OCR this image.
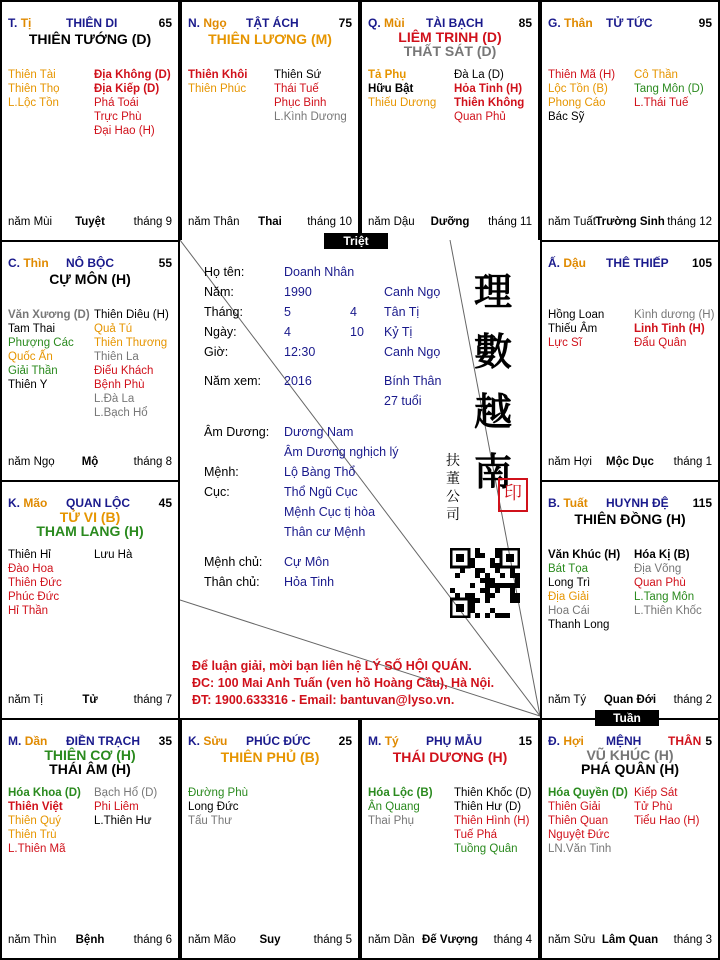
T. Tị	THIÊN DI	65
THIÊN TƯỚNG (D)
Thiên Tài
Thiên Thọ
L.Lộc Tồn
Địa Không (D)
Địa Kiếp (D)
Phá Toái
Trực Phù
Đại Hao (H)
năm Mùi	Tuyệt	tháng 9
N. Ngọ TẬT ÁCH	75
THIÊN LƯƠNG (M)
Thiên Khôi
Thiên Phúc
Thiên Sứ
Thái Tuế
Phục Binh
L.Kình Dương
năm Thân	Thai	tháng 10
Q. Mùi TÀI BẠCH	85
LIÊM TRINH (D)
THẤT SÁT (D)
Tả Phụ
Hữu Bật
Thiếu Dương
Đà La (D)
Hỏa Tinh (H)
Thiên Không
Quan Phủ
năm Dậu	Dưỡng	tháng 11
G. Thân TỬ TỨC	95
Thiên Mã (H)
Lộc Tồn (B)
Phong Cáo
Bác Sỹ
Cô Thần
Tang Môn (D)
L.Thái Tuế
năm Tuất Trường Sinh tháng 12
Ấ. Dậu THÊ THIẾP 105
Hồng Loan
Thiếu Âm
Lực Sĩ
Kình dương (H)
Linh Tinh (H)
Đẩu Quân
năm Hợi	Mộc Dục	tháng 1
B. Tuất HUYNH ĐỆ 115
THIÊN ĐỒNG (H)
Văn Khúc (H)
Bát Tọa
Long Trì
Địa Giải
Hoa Cái
Thanh Long
Hóa Kị (B)
Địa Võng
Quan Phù
L.Tang Môn
L.Thiên Khốc
năm Tý	Quan Đới	tháng 2
Đ. Hợi MỆNH THÂN 5
VŨ KHÚC (H)
PHÁ QUÂN (H)
Hóa Quyền (D)
Thiên Giải
Thiên Quan
Nguyệt Đức
LN.Văn Tinh
Kiếp Sát
Tử Phù
Tiểu Hao (H)
năm Sửu Lâm Quan	tháng 3
M. Tý PHỤ MẪU	15
THÁI DƯƠNG (H)
Hóa Lộc (B)
Ân Quang
Thai Phụ
Thiên Khốc (D)
Thiên Hư (D)
Thiên Hình (H)
Tuế Phá
Tuồng Quân
năm Dần Đế Vượng	tháng 4
K. Sửu PHÚC ĐỨC 25
THIÊN PHỦ (B)
Đường Phù
Long Đức
Tấu Thư
năm Mão	Suy	tháng 5
M. Dần ĐIỀN TRẠCH 35
THIÊN CƠ (H)
THÁI ÂM (H)
Hóa Khoa (D)
Thiên Việt
Thiên Quý
Thiên Trù
L.Thiên Mã
Bạch Hổ (D)
Phi Liêm
L.Thiên Hư
năm Thìn	Bệnh	tháng 6
K. Mão QUAN LỘC 45
TỬ VI (B)
THAM LANG (H)
Thiên Hỉ
Đào Hoa
Thiên Đức
Phúc Đức
Hỉ Thần
Lưu Hà
năm Tị	Tử	tháng 7
C. Thìn NÔ BỘC	55
CỰ MÔN (H)
Văn Xương (D)
Tam Thai
Phượng Các
Quốc Ấn
Giải Thần
Thiên Y
Thiên Diêu (H)
Quả Tú
Thiên Thương
Thiên La
Điếu Khách
Bệnh Phù
L.Đà La
L.Bạch Hổ
năm Ngọ	Mộ	tháng 8
Họ tên:	Doanh Nhân
Năm:	1990	Canh Ngọ
Tháng:	5	4 Tân Tị
Ngày:	4	10 Kỷ Tị
Giờ:	12:30	Canh Ngọ
Năm xem: 2016	Bính Thân
27 tuổi
Âm Dương: Dương Nam
Âm Dương nghịch lý
Mệnh:	Lộ Bàng Thổ
Cục:	Thổ Ngũ Cục
Mệnh Cục tị hòa
Thân cư Mệnh
Mệnh chủ: Cự Môn
Thân chủ: Hỏa Tinh
理
數
越
南
扶
董
公
司
印
Triệt
Tuần
Để luận giải, mời bạn liên hệ LÝ SỐ HỘI QUÁN.
ĐC: 100 Mai Anh Tuấn (ven hồ Hoàng Cầu), Hà Nội.
ĐT: 1900.633316 - Email: bantuvan@lyso.vn.
